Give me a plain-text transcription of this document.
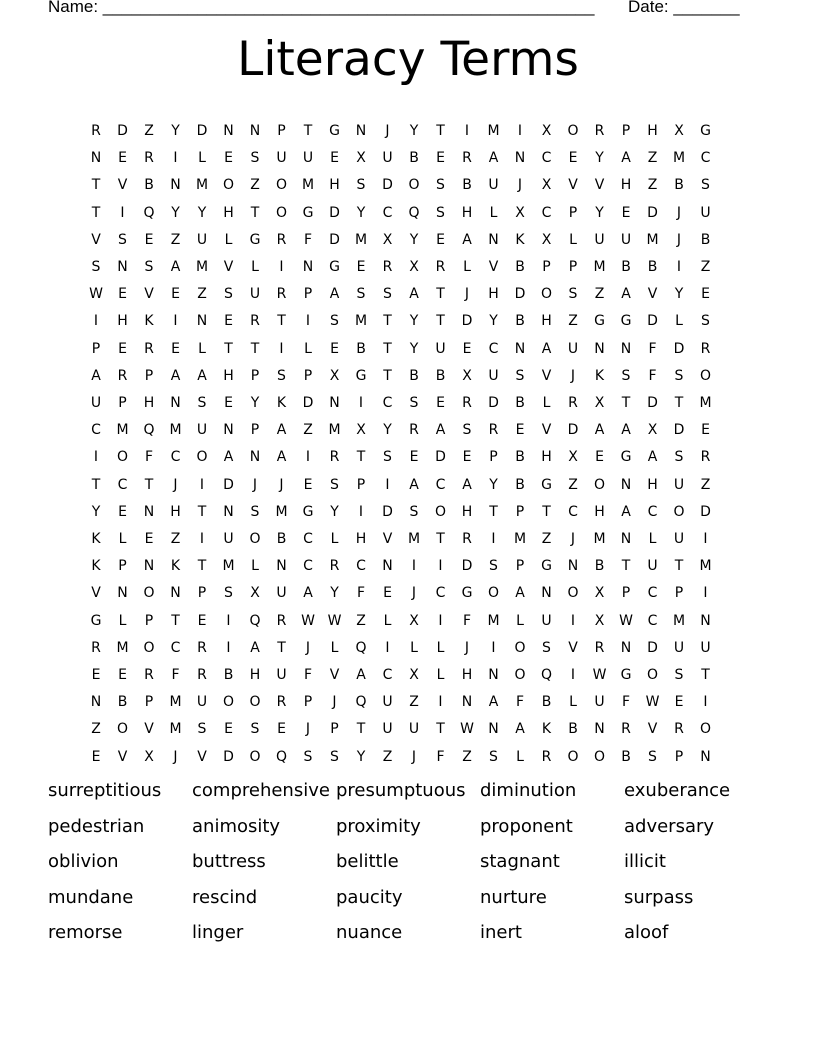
Name: ____________________________________________________ Date: _______
Literacy Terms
R	D	Z	Y	D	N	N	P	T	G	N	J	Y	T	I	M	I	X	O	R	P	H	X	G
N	E	R	I	L	E	S	U	U	E	X	U	B	E	R	A	N	C	E	Y	A	Z	M	C
T	V	B	N	M	O	Z	O	M	H	S	D	O	S	B	U	J	X	V	V	H	Z	B	S
T	I	Q	Y	Y	H	T	O	G	D	Y	C	Q	S	H	L	X	C	P	Y	E	D	J	U
V	S	E	Z	U	L	G	R	F	D	M	X	Y	E	A	N	K	X	L	U	U	M	J	B
S	N	S	A	M	V	L	I	N	G	E	R	X	R	L	V	B	P	P	M	B	B	I	Z
W	E	V	E	Z	S	U	R	P	A	S	S	A	T	J	H	D	O	S	Z	A	V	Y	E
I	H	K	I	N	E	R	T	I	S	M	T	Y	T	D	Y	B	H	Z	G	G	D	L	S
P	E	R	E	L	T	T	I	L	E	B	T	Y	U	E	C	N	A	U	N	N	F	D	R
A	R	P	A	A	H	P	S	P	X	G	T	B	B	X	U	S	V	J	K	S	F	S	O
U	P	H	N	S	E	Y	K	D	N	I	C	S	E	R	D	B	L	R	X	T	D	T	M
C	M	Q	M	U	N	P	A	Z	M	X	Y	R	A	S	R	E	V	D	A	A	X	D	E
I	O	F	C	O	A	N	A	I	R	T	S	E	D	E	P	B	H	X	E	G	A	S	R
T	C	T	J	I	D	J	J	E	S	P	I	A	C	A	Y	B	G	Z	O	N	H	U	Z
Y	E	N	H	T	N	S	M	G	Y	I	D	S	O	H	T	P	T	C	H	A	C	O	D
K	L	E	Z	I	U	O	B	C	L	H	V	M	T	R	I	M	Z	J	M	N	L	U	I
K	P	N	K	T	M	L	N	C	R	C	N	I	I	D	S	P	G	N	B	T	U	T	M
V	N	O	N	P	S	X	U	A	Y	F	E	J	C	G	O	A	N	O	X	P	C	P	I
G	L	P	T	E	I	Q	R	W W	Z	L	X	I	F	M	L	U	I	X	W	C	M	N
R	M	O	C	R	I	A	T	J	L	Q	I	L	L	J	I	O	S	V	R	N	D	U	U
E	E	R	F	R	B	H	U	F	V	A	C	X	L	H	N	O	Q	I	W	G	O	S	T
N	B	P	M	U	O	O	R	P	J	Q	U	Z	I	N	A	F	B	L	U	F	W	E	I
Z	O	V	M	S	E	S	E	J	P	T	U	U	T	W	N	A	K	B	N	R	V	R	O
E	V	X	J	V	D	O	Q	S	S	Y	Z	J	F	Z	S	L	R	O	O	B	S	P	N
surreptitious comprehensive presumptuous diminution	exuberance
pedestrian	animosity	proximity	proponent	adversary
oblivion	buttress	belittle	stagnant	illicit
mundane	rescind	paucity	nurture	surpass
remorse	linger	nuance	inert	aloof
